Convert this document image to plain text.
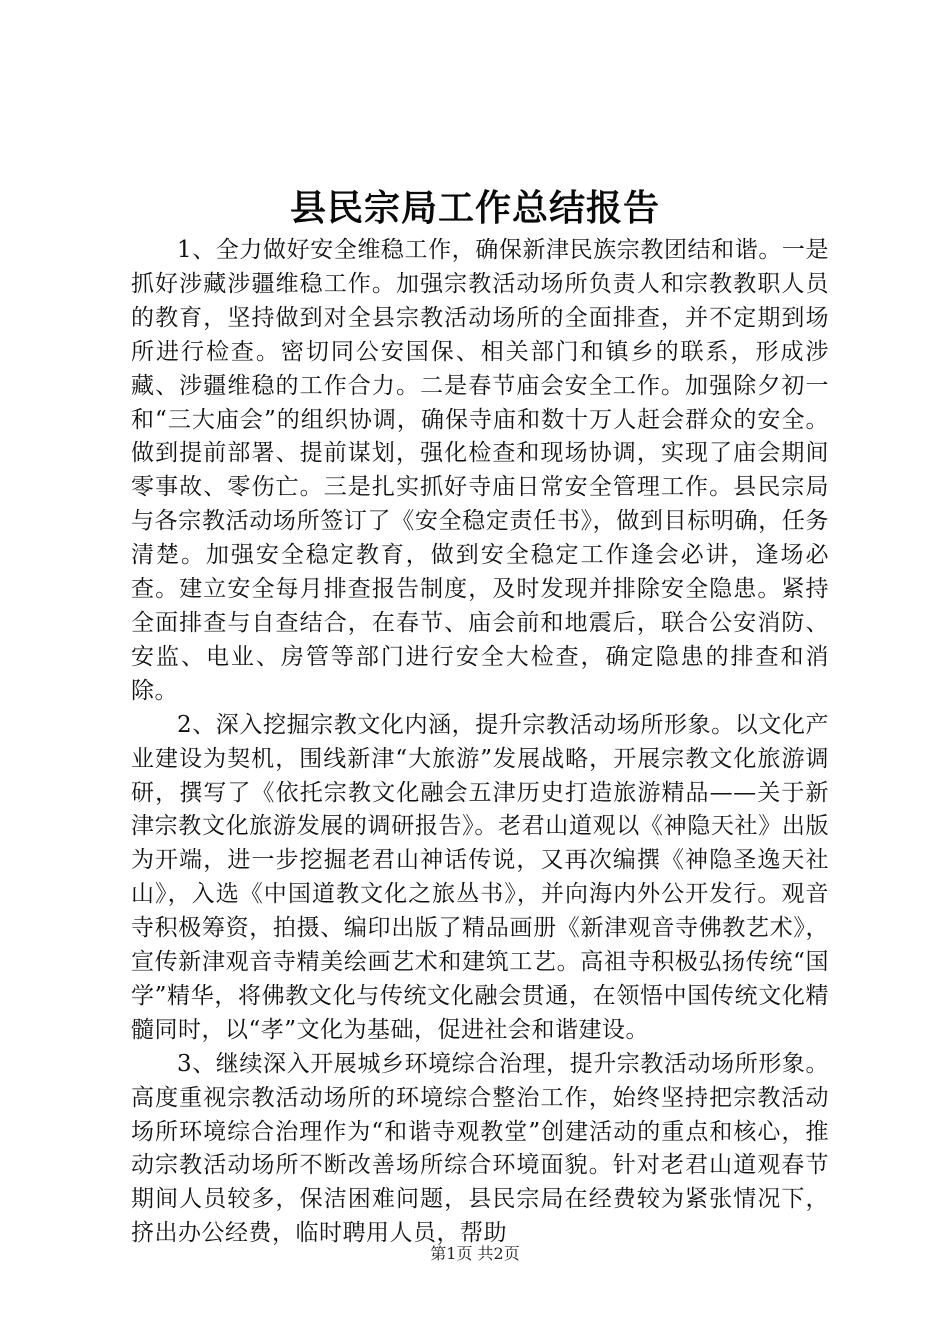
县民宗局工作总结报告

1、全力做好安全维稳工作，确保新津民族宗教团结和谐。一是抓好涉藏涉疆维稳工作。加强宗教活动场所负责人和宗教教职人员的教育，坚持做到对全县宗教活动场所的全面排查，并不定期到场所进行检查。密切同公安国保、相关部门和镇乡的联系，形成涉藏、涉疆维稳的工作合力。二是春节庙会安全工作。加强除夕初一和“三大庙会”的组织协调，确保寺庙和数十万人赶会群众的安全。做到提前部署、提前谋划，强化检查和现场协调，实现了庙会期间零事故、零伤亡。三是扎实抓好寺庙日常安全管理工作。县民宗局与各宗教活动场所签订了《安全稳定责任书》，做到目标明确，任务清楚。加强安全稳定教育，做到安全稳定工作逢会必讲，逢场必查。建立安全每月排查报告制度，及时发现并排除安全隐患。紧持全面排查与自查结合，在春节、庙会前和地震后，联合公安消防、安监、电业、房管等部门进行安全大检查，确定隐患的排查和消除。

2、深入挖掘宗教文化内涵，提升宗教活动场所形象。以文化产业建设为契机，围线新津“大旅游”发展战略，开展宗教文化旅游调研，撰写了《依托宗教文化融会五津历史打造旅游精品——关于新津宗教文化旅游发展的调研报告》。老君山道观以《神隐天社》出版为开端，进一步挖掘老君山神话传说，又再次编撰《神隐圣逸天社山》，入选《中国道教文化之旅丛书》，并向海内外公开发行。观音寺积极筹资，拍摄、编印出版了精品画册《新津观音寺佛教艺术》，宣传新津观音寺精美绘画艺术和建筑工艺。高祖寺积极弘扬传统“国学”精华，将佛教文化与传统文化融会贯通，在领悟中国传统文化精髓同时，以“孝”文化为基础，促进社会和谐建设。

3、继续深入开展城乡环境综合治理，提升宗教活动场所形象。高度重视宗教活动场所的环境综合整治工作，始终坚持把宗教活动场所环境综合治理作为“和谐寺观教堂”创建活动的重点和核心，推动宗教活动场所不断改善场所综合环境面貌。针对老君山道观春节期间人员较多，保洁困难问题，县民宗局在经费较为紧张情况下，挤出办公经费，临时聘用人员，帮助

第1页 共2页
